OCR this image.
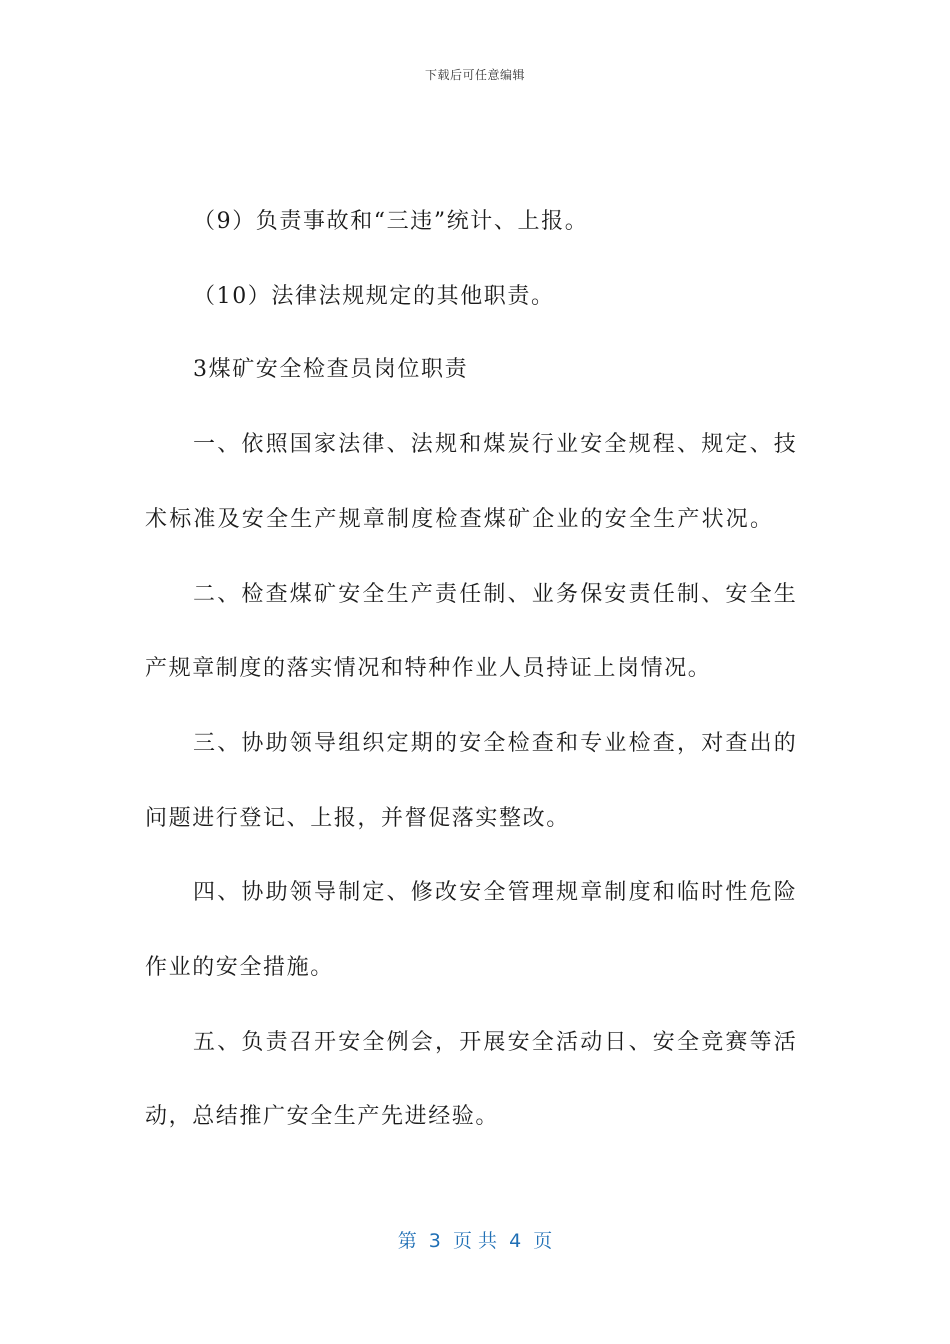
下载后可任意编辑
（9）负责事故和“三违”统计、上报。
（10）法律法规规定的其他职责。
3煤矿安全检查员岗位职责
一、依照国家法律、法规和煤炭行业安全规程、规定、技
术标准及安全生产规章制度检查煤矿企业的安全生产状况。
二、检查煤矿安全生产责任制、业务保安责任制、安全生
产规章制度的落实情况和特种作业人员持证上岗情况。
三、协助领导组织定期的安全检查和专业检查，对查出的
问题进行登记、上报，并督促落实整改。
四、协助领导制定、修改安全管理规章制度和临时性危险
作业的安全措施。
五、负责召开安全例会，开展安全活动日、安全竞赛等活
动，总结推广安全生产先进经验。
第  3  页 共  4  页
